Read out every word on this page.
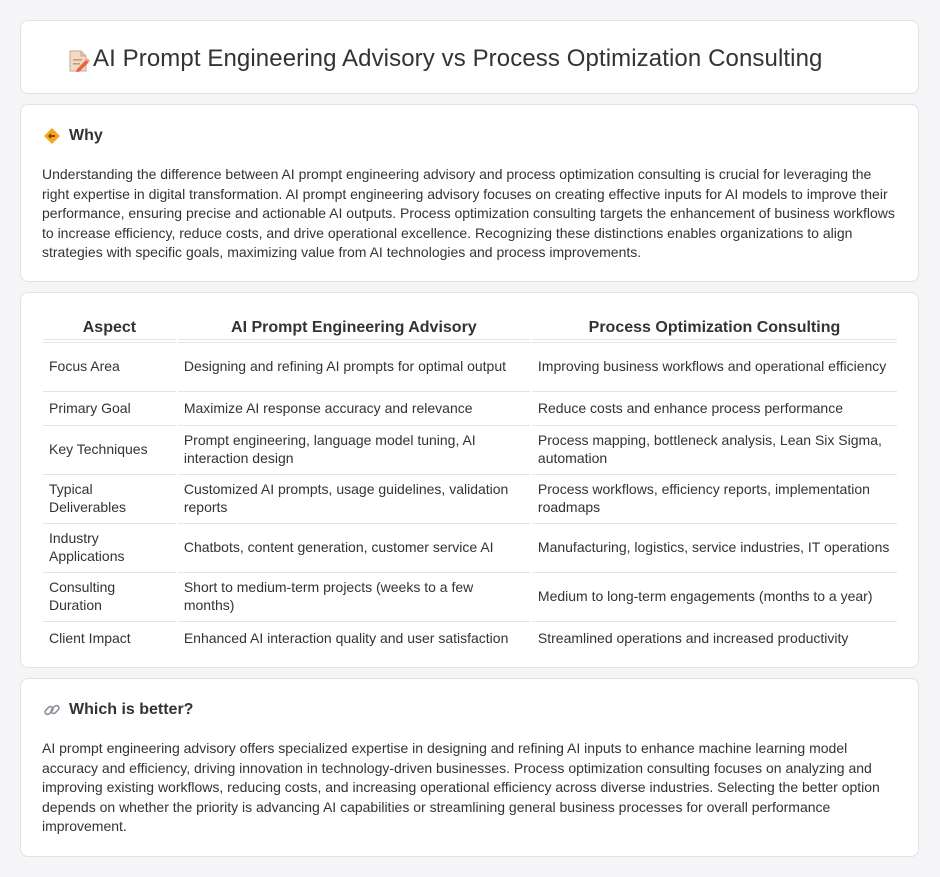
AI Prompt Engineering Advisory vs Process Optimization Consulting
Why

Understanding the difference between AI prompt engineering advisory and process optimization consulting is crucial for leveraging the right expertise in digital transformation. AI prompt engineering advisory focuses on creating effective inputs for AI models to improve their performance, ensuring precise and actionable AI outputs. Process optimization consulting targets the enhancement of business workflows to increase efficiency, reduce costs, and drive operational excellence. Recognizing these distinctions enables organizations to align strategies with specific goals, maximizing value from AI technologies and process improvements.

Aspect	AI Prompt Engineering Advisory	Process Optimization Consulting
Focus Area	Designing and refining AI prompts for optimal output	Improving business workflows and operational efficiency
Primary Goal	Maximize AI response accuracy and relevance	Reduce costs and enhance process performance
Key Techniques	Prompt engineering, language model tuning, AI interaction design	Process mapping, bottleneck analysis, Lean Six Sigma, automation
Typical Deliverables	Customized AI prompts, usage guidelines, validation reports	Process workflows, efficiency reports, implementation roadmaps
Industry Applications	Chatbots, content generation, customer service AI	Manufacturing, logistics, service industries, IT operations
Consulting Duration	Short to medium-term projects (weeks to a few months)	Medium to long-term engagements (months to a year)
Client Impact	Enhanced AI interaction quality and user satisfaction	Streamlined operations and increased productivity
Which is better?

AI prompt engineering advisory offers specialized expertise in designing and refining AI inputs to enhance machine learning model accuracy and efficiency, driving innovation in technology-driven businesses. Process optimization consulting focuses on analyzing and improving existing workflows, reducing costs, and increasing operational efficiency across diverse industries. Selecting the better option depends on whether the priority is advancing AI capabilities or streamlining general business processes for overall performance improvement.
